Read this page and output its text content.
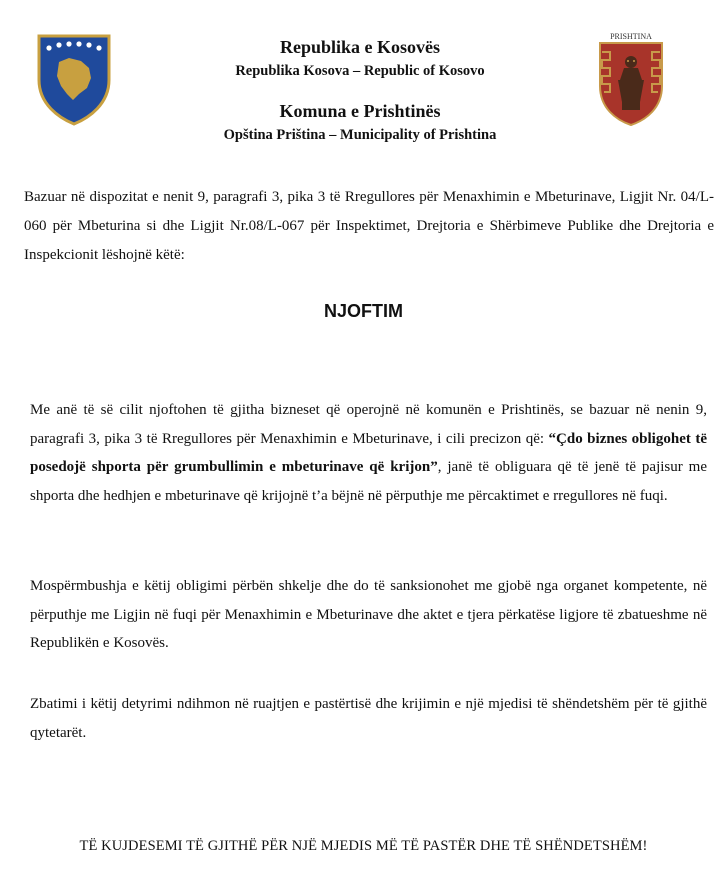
Republika e Kosovës
Republika Kosova – Republic of Kosovo
Komuna e Prishtinës
Opština Priština – Municipality of Prishtina
PRISHTINA

Bazuar në dispozitat e nenit 9, paragrafi 3, pika 3 të Rregullores për Menaxhimin e Mbeturinave, Ligjit Nr. 04/L-060 për Mbeturina si dhe Ligjit Nr.08/L-067 për Inspektimet, Drejtoria e Shërbimeve Publike dhe Drejtoria e Inspekcionit lëshojnë këtë:

NJOFTIM

Me anë të së cilit njoftohen të gjitha bizneset që operojnë në komunën e Prishtinës, se bazuar në nenin 9, paragrafi 3, pika 3 të Rregullores për Menaxhimin e Mbeturinave, i cili precizon që: “Çdo biznes obligohet të posedojë shporta për grumbullimin e mbeturinave që krijon”, janë të obliguara që të jenë të pajisur me shporta dhe hedhjen e mbeturinave që krijojnë t’a bëjnë në përputhje me përcaktimet e rregullores në fuqi.

Mospërmbushja e këtij obligimi përbën shkelje dhe do të sanksionohet me gjobë nga organet kompetente, në përputhje me Ligjin në fuqi për Menaxhimin e Mbeturinave dhe aktet e tjera përkatëse ligjore të zbatueshme në Republikën e Kosovës.

Zbatimi i këtij detyrimi ndihmon në ruajtjen e pastërtisë dhe krijimin e një mjedisi të shëndetshëm për të gjithë qytetarët.

TË KUJDESEMI TË GJITHË PËR NJË MJEDIS MË TË PASTËR DHE TË SHËNDETSHËM!
